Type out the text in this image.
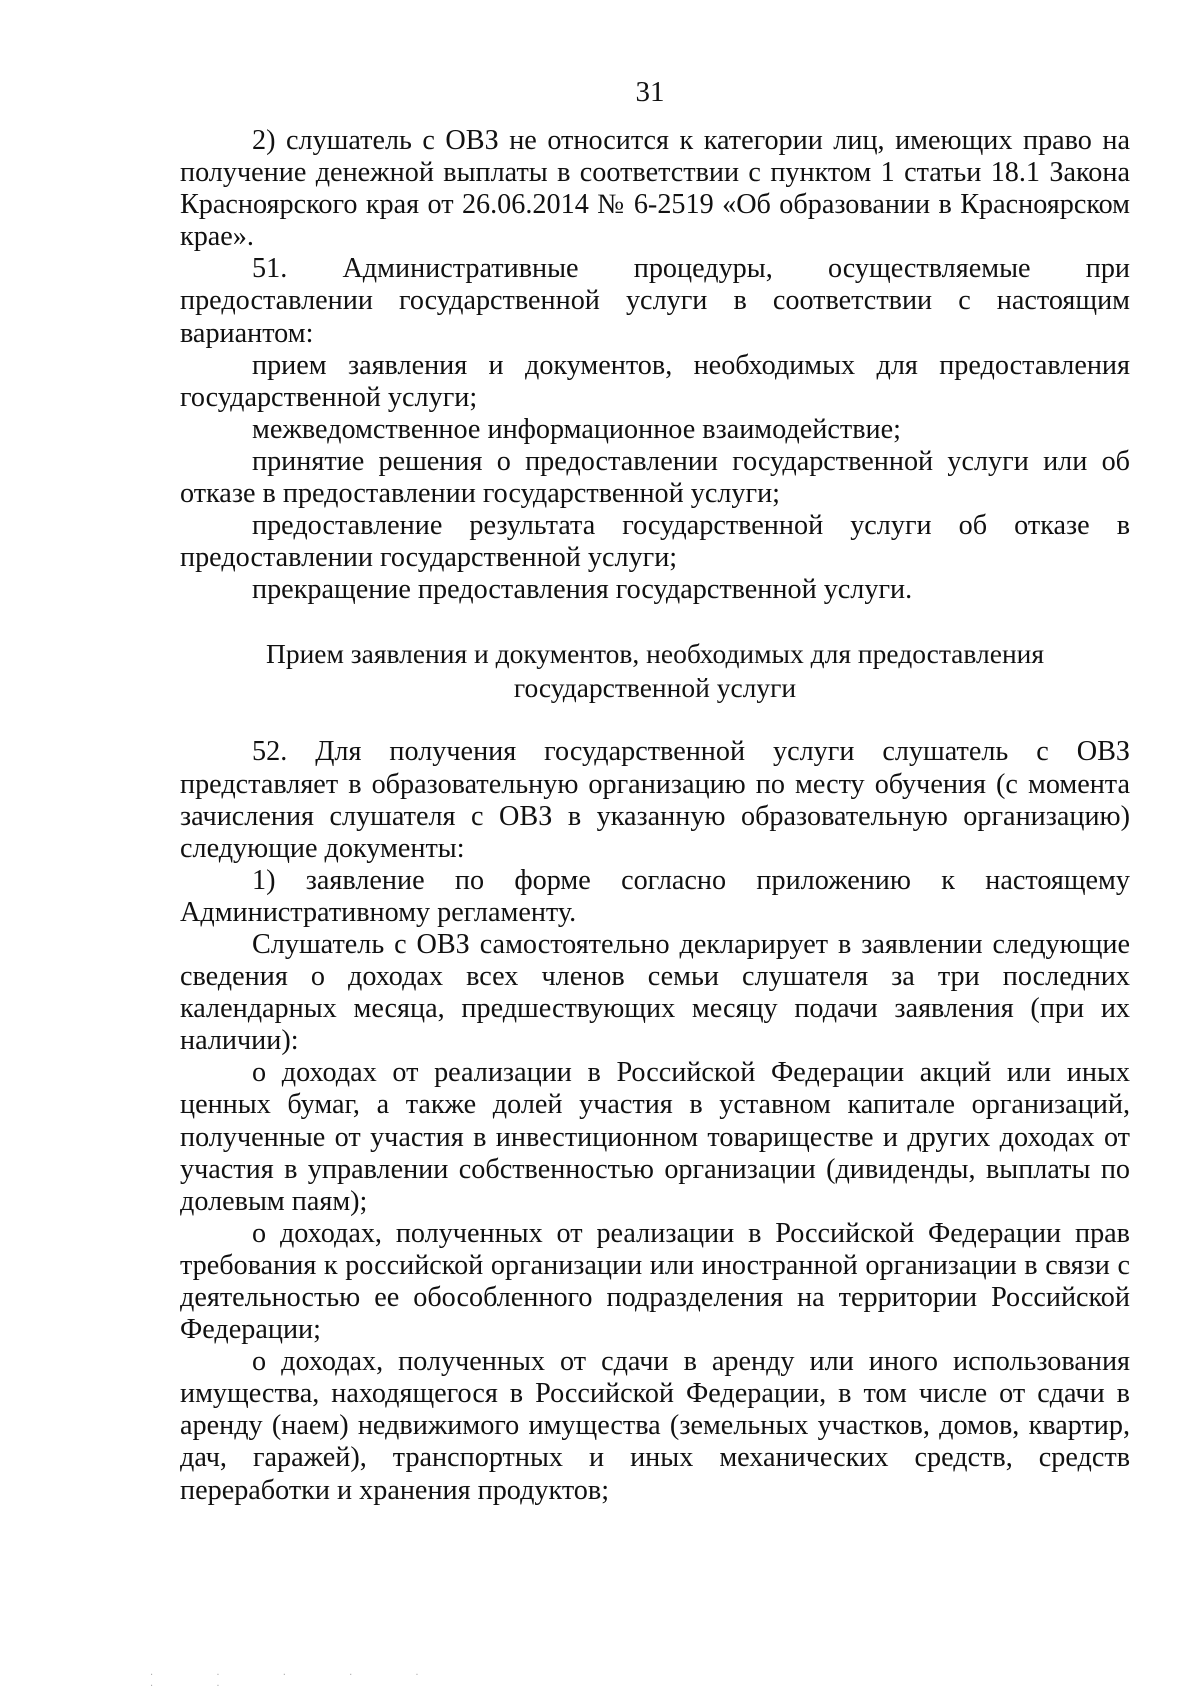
31

2) слушатель с ОВЗ не относится к категории лиц, имеющих право на получение денежной выплаты в соответствии с пунктом 1 статьи 18.1 Закона Красноярского края от 26.06.2014 № 6-2519 «Об образовании в Красноярском крае».

51. Административные процедуры, осуществляемые при предоставлении государственной услуги в соответствии с настоящим вариантом:

прием заявления и документов, необходимых для предоставления государственной услуги;

межведомственное информационное взаимодействие;

принятие решения о предоставлении государственной услуги или об отказе в предоставлении государственной услуги;

предоставление результата государственной услуги об отказе в предоставлении государственной услуги;

прекращение предоставления государственной услуги.

Прием заявления и документов, необходимых для предоставления
государственной услуги

52. Для получения государственной услуги слушатель с ОВЗ представляет в образовательную организацию по месту обучения (с момента зачисления слушателя с ОВЗ в указанную образовательную организацию) следующие документы:

1) заявление по форме согласно приложению к настоящему Административному регламенту.

Слушатель с ОВЗ самостоятельно декларирует в заявлении следующие сведения о доходах всех членов семьи слушателя за три последних календарных месяца, предшествующих месяцу подачи заявления (при их наличии):

о доходах от реализации в Российской Федерации акций или иных ценных бумаг, а также долей участия в уставном капитале организаций, полученные от участия в инвестиционном товариществе и других доходах от участия в управлении собственностью организации (дивиденды, выплаты по долевым паям);

о доходах, полученных от реализации в Российской Федерации прав требования к российской организации или иностранной организации в связи с деятельностью ее обособленного подразделения на территории Российской Федерации;

о доходах, полученных от сдачи в аренду или иного использования имущества, находящегося в Российской Федерации, в том числе от сдачи в аренду (наем) недвижимого имущества (земельных участков, домов, квартир, дач, гаражей), транспортных и иных механических средств, средств переработки и хранения продуктов;

· · · · · · ·
